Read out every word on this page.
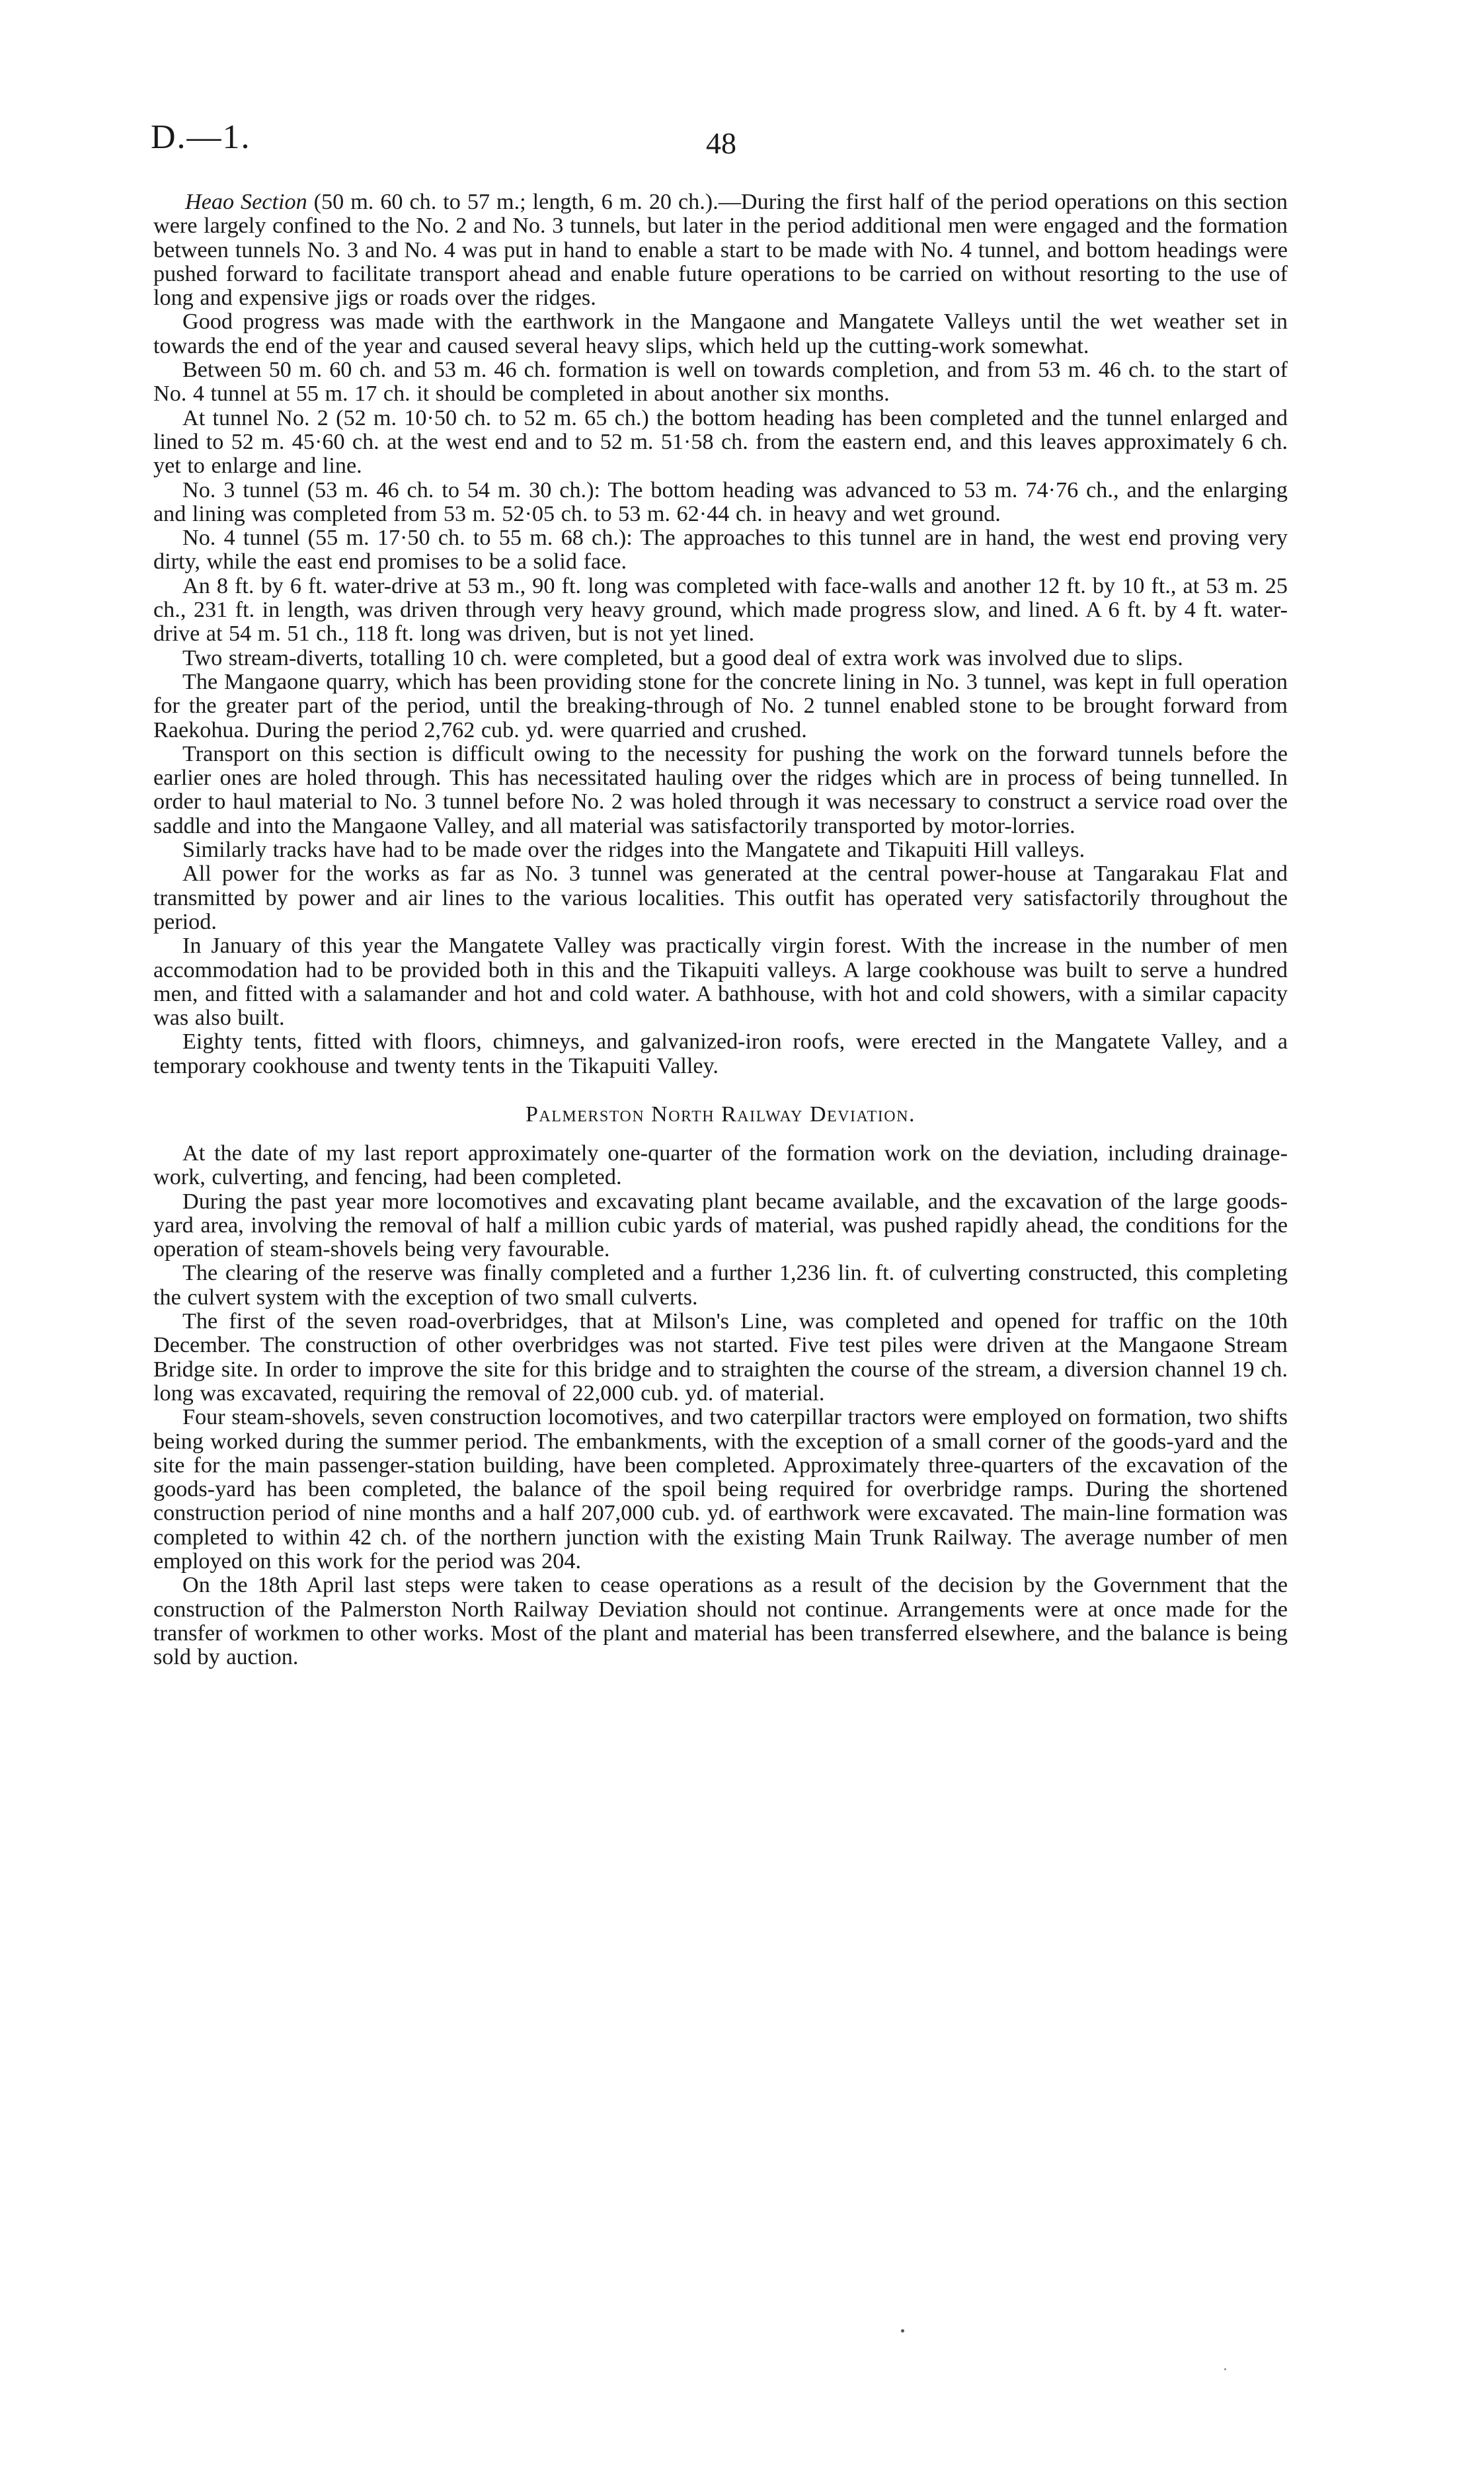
D.—1.	48

Heao Section (50 m. 60 ch. to 57 m.; length, 6 m. 20 ch.).—During the first half of the period operations on this section were largely confined to the No. 2 and No. 3 tunnels, but later in the period additional men were engaged and the formation between tunnels No. 3 and No. 4 was put in hand to enable a start to be made with No. 4 tunnel, and bottom headings were pushed forward to facilitate transport ahead and enable future operations to be carried on without resorting to the use of long and expensive jigs or roads over the ridges.

Good progress was made with the earthwork in the Mangaone and Mangatete Valleys until the wet weather set in towards the end of the year and caused several heavy slips, which held up the cutting-work somewhat.

Between 50 m. 60 ch. and 53 m. 46 ch. formation is well on towards completion, and from 53 m. 46 ch. to the start of No. 4 tunnel at 55 m. 17 ch. it should be completed in about another six months.

At tunnel No. 2 (52 m. 10·50 ch. to 52 m. 65 ch.) the bottom heading has been completed and the tunnel enlarged and lined to 52 m. 45·60 ch. at the west end and to 52 m. 51·58 ch. from the eastern end, and this leaves approximately 6 ch. yet to enlarge and line.

No. 3 tunnel (53 m. 46 ch. to 54 m. 30 ch.): The bottom heading was advanced to 53 m. 74·76 ch., and the enlarging and lining was completed from 53 m. 52·05 ch. to 53 m. 62·44 ch. in heavy and wet ground.

No. 4 tunnel (55 m. 17·50 ch. to 55 m. 68 ch.): The approaches to this tunnel are in hand, the west end proving very dirty, while the east end promises to be a solid face.

An 8 ft. by 6 ft. water-drive at 53 m., 90 ft. long was completed with face-walls and another 12 ft. by 10 ft., at 53 m. 25 ch., 231 ft. in length, was driven through very heavy ground, which made progress slow, and lined. A 6 ft. by 4 ft. water-drive at 54 m. 51 ch., 118 ft. long was driven, but is not yet lined.

Two stream-diverts, totalling 10 ch. were completed, but a good deal of extra work was involved due to slips.

The Mangaone quarry, which has been providing stone for the concrete lining in No. 3 tunnel, was kept in full operation for the greater part of the period, until the breaking-through of No. 2 tunnel enabled stone to be brought forward from Raekohua. During the period 2,762 cub. yd. were quarried and crushed.

Transport on this section is difficult owing to the necessity for pushing the work on the forward tunnels before the earlier ones are holed through. This has necessitated hauling over the ridges which are in process of being tunnelled. In order to haul material to No. 3 tunnel before No. 2 was holed through it was necessary to construct a service road over the saddle and into the Mangaone Valley, and all material was satisfactorily transported by motor-lorries.

Similarly tracks have had to be made over the ridges into the Mangatete and Tikapuiti Hill valleys.

All power for the works as far as No. 3 tunnel was generated at the central power-house at Tangarakau Flat and transmitted by power and air lines to the various localities. This outfit has operated very satisfactorily throughout the period.

In January of this year the Mangatete Valley was practically virgin forest. With the increase in the number of men accommodation had to be provided both in this and the Tikapuiti valleys. A large cookhouse was built to serve a hundred men, and fitted with a salamander and hot and cold water. A bathhouse, with hot and cold showers, with a similar capacity was also built.

Eighty tents, fitted with floors, chimneys, and galvanized-iron roofs, were erected in the Mangatete Valley, and a temporary cookhouse and twenty tents in the Tikapuiti Valley.

Palmerston North Railway Deviation.

At the date of my last report approximately one-quarter of the formation work on the deviation, including drainage-work, culverting, and fencing, had been completed.

During the past year more locomotives and excavating plant became available, and the excavation of the large goods-yard area, involving the removal of half a million cubic yards of material, was pushed rapidly ahead, the conditions for the operation of steam-shovels being very favourable.

The clearing of the reserve was finally completed and a further 1,236 lin. ft. of culverting constructed, this completing the culvert system with the exception of two small culverts.

The first of the seven road-overbridges, that at Milson's Line, was completed and opened for traffic on the 10th December. The construction of other overbridges was not started. Five test piles were driven at the Mangaone Stream Bridge site. In order to improve the site for this bridge and to straighten the course of the stream, a diversion channel 19 ch. long was excavated, requiring the removal of 22,000 cub. yd. of material.

Four steam-shovels, seven construction locomotives, and two caterpillar tractors were employed on formation, two shifts being worked during the summer period. The embankments, with the exception of a small corner of the goods-yard and the site for the main passenger-station building, have been completed. Approximately three-quarters of the excavation of the goods-yard has been completed, the balance of the spoil being required for overbridge ramps. During the shortened construction period of nine months and a half 207,000 cub. yd. of earthwork were excavated. The main-line formation was completed to within 42 ch. of the northern junction with the existing Main Trunk Railway. The average number of men employed on this work for the period was 204.

On the 18th April last steps were taken to cease operations as a result of the decision by the Government that the construction of the Palmerston North Railway Deviation should not continue. Arrangements were at once made for the transfer of workmen to other works. Most of the plant and material has been transferred elsewhere, and the balance is being sold by auction.
